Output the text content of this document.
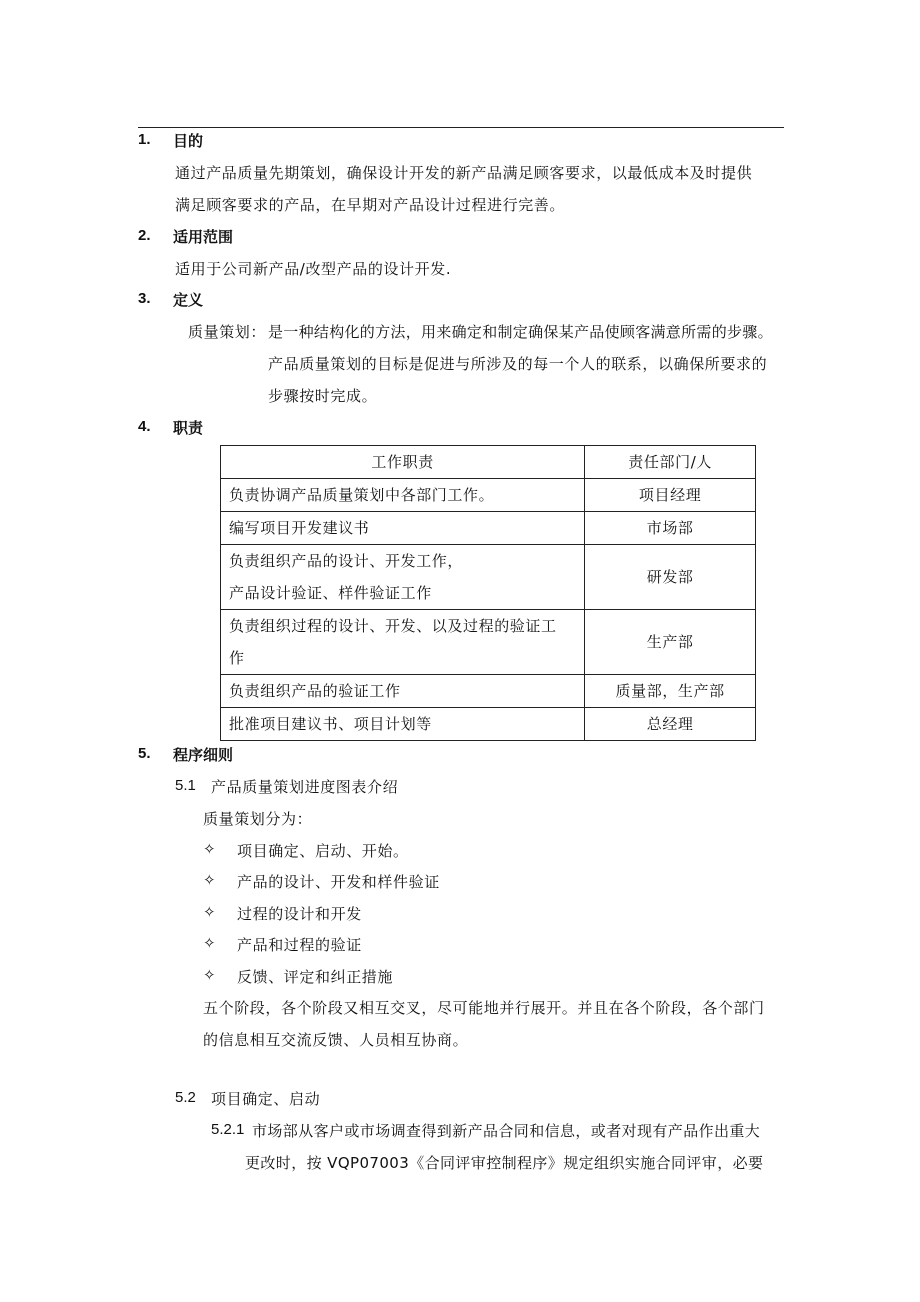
1. 目的
通过产品质量先期策划，确保设计开发的新产品满足顾客要求，以最低成本及时提供
满足顾客要求的产品，在早期对产品设计过程进行完善。
2. 适用范围
适用于公司新产品/改型产品的设计开发.
3. 定义
质量策划： 是一种结构化的方法，用来确定和制定确保某产品使顾客满意所需的步骤。
产品质量策划的目标是促进与所涉及的每一个人的联系，以确保所要求的
步骤按时完成。
4. 职责
工作职责	责任部门/人

负责协调产品质量策划中各部门工作。	项目经理

编写项目开发建议书	市场部

负责组织产品的设计、开发工作，
产品设计验证、样件验证工作	研发部

负责组织过程的设计、开发、以及过程的验证工
作	生产部

负责组织产品的验证工作	质量部，生产部

批准项目建议书、项目计划等	总经理
5. 程序细则
5.1 产品质量策划进度图表介绍
质量策划分为：
✧ 项目确定、启动、开始。
✧ 产品的设计、开发和样件验证
✧ 过程的设计和开发
✧ 产品和过程的验证
✧ 反馈、评定和纠正措施
五个阶段，各个阶段又相互交叉，尽可能地并行展开。并且在各个阶段，各个部门
的信息相互交流反馈、人员相互协商。
5.2 项目确定、启动
5.2.1 市场部从客户或市场调查得到新产品合同和信息，或者对现有产品作出重大
更改时，按 VQP07003《合同评审控制程序》规定组织实施合同评审，必要
